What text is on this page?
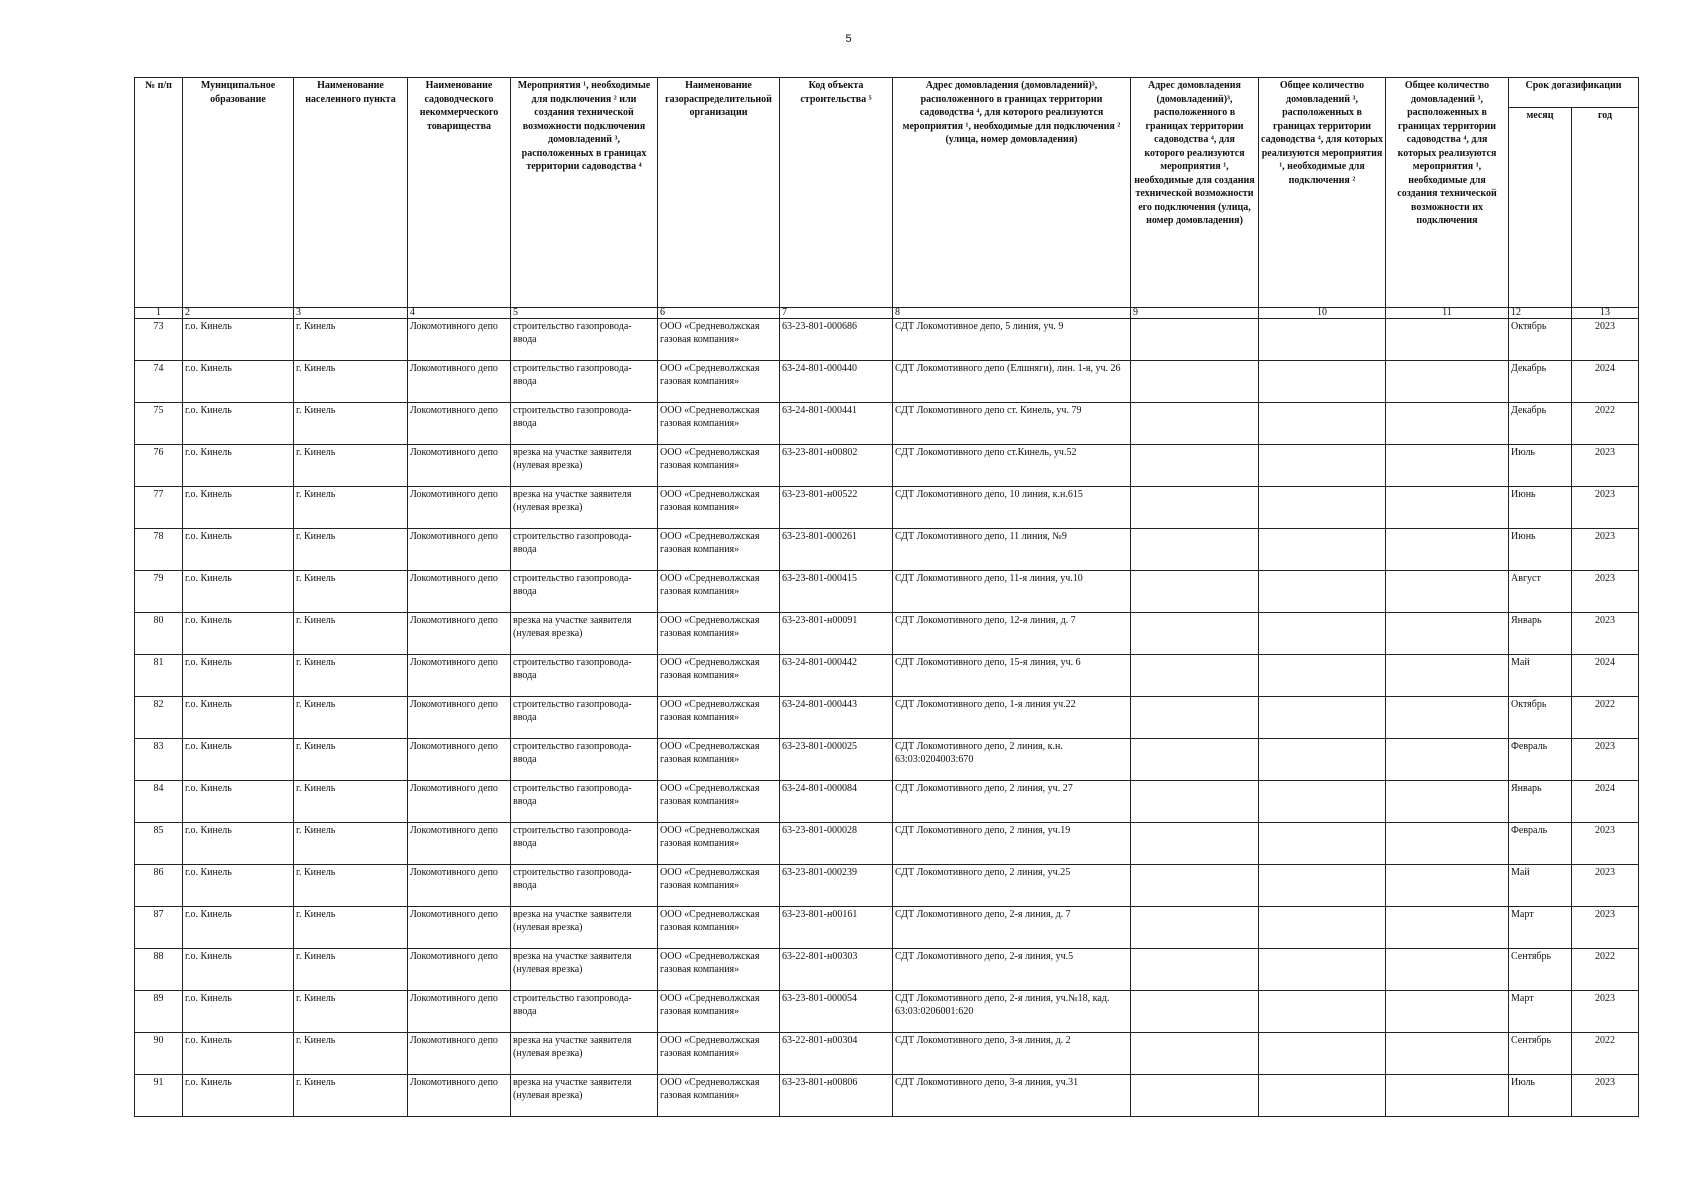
5
№ п/п	Муниципальное образование	Наименование населенного пункта	Наименование садоводческого некоммерческого товарищества	Мероприятия ¹, необходимые для подключения ² или создания технической возможности подключения домовладений ³, расположенных в границах территории садоводства ⁴	Наименование газораспределительной организации	Код объекта строительства ⁵	Адрес домовладения (домовладений)³, расположенного в границах территории садоводства ⁴, для которого реализуются мероприятия ¹, необходимые для подключения ² (улица, номер домовладения)	Адрес домовладения (домовладений)³, расположенного в границах территории садоводства ⁴, для которого реализуются мероприятия ¹, необходимые для создания технической возможности его подключения (улица, номер домовладения)	Общее количество домовладений ³, расположенных в границах территории садоводства ⁴, для которых реализуются мероприятия ¹, необходимые для подключения ²	Общее количество домовладений ³, расположенных в границах территории садоводства ⁴, для которых реализуются мероприятия ¹, необходимые для создания технической возможности их подключения	Срок догазификации	
											месяц	год
1	2	3	4	5	6	7	8	9	10	11	12	13
73	г.о. Кинель	г. Кинель	Локомотивного депо	строительство газопровода-ввода	ООО «Средневолжская газовая компания»	63-23-801-000686	СДТ Локомотивное депо, 5 линия, уч. 9				Октябрь	2023
74	г.о. Кинель	г. Кинель	Локомотивного депо	строительство газопровода-ввода	ООО «Средневолжская газовая компания»	63-24-801-000440	СДТ Локомотивного депо (Елшняги), лин. 1-я, уч. 26				Декабрь	2024
75	г.о. Кинель	г. Кинель	Локомотивного депо	строительство газопровода-ввода	ООО «Средневолжская газовая компания»	63-24-801-000441	СДТ Локомотивного депо ст. Кинель, уч. 79				Декабрь	2022
76	г.о. Кинель	г. Кинель	Локомотивного депо	врезка на участке заявителя (нулевая врезка)	ООО «Средневолжская газовая компания»	63-23-801-н00802	СДТ Локомотивного депо ст.Кинель, уч.52				Июль	2023
77	г.о. Кинель	г. Кинель	Локомотивного депо	врезка на участке заявителя (нулевая врезка)	ООО «Средневолжская газовая компания»	63-23-801-н00522	СДТ Локомотивного депо, 10 линия, к.н.615				Июнь	2023
78	г.о. Кинель	г. Кинель	Локомотивного депо	строительство газопровода-ввода	ООО «Средневолжская газовая компания»	63-23-801-000261	СДТ Локомотивного депо, 11 линия, №9				Июнь	2023
79	г.о. Кинель	г. Кинель	Локомотивного депо	строительство газопровода-ввода	ООО «Средневолжская газовая компания»	63-23-801-000415	СДТ Локомотивного депо, 11-я линия, уч.10				Август	2023
80	г.о. Кинель	г. Кинель	Локомотивного депо	врезка на участке заявителя (нулевая врезка)	ООО «Средневолжская газовая компания»	63-23-801-н00091	СДТ Локомотивного депо, 12-я линия, д. 7				Январь	2023
81	г.о. Кинель	г. Кинель	Локомотивного депо	строительство газопровода-ввода	ООО «Средневолжская газовая компания»	63-24-801-000442	СДТ Локомотивного депо, 15-я линия, уч. 6				Май	2024
82	г.о. Кинель	г. Кинель	Локомотивного депо	строительство газопровода-ввода	ООО «Средневолжская газовая компания»	63-24-801-000443	СДТ Локомотивного депо, 1-я линия уч.22				Октябрь	2022
83	г.о. Кинель	г. Кинель	Локомотивного депо	строительство газопровода-ввода	ООО «Средневолжская газовая компания»	63-23-801-000025	СДТ Локомотивного депо, 2 линия, к.н. 63:03:0204003:670				Февраль	2023
84	г.о. Кинель	г. Кинель	Локомотивного депо	строительство газопровода-ввода	ООО «Средневолжская газовая компания»	63-24-801-000084	СДТ Локомотивного депо, 2 линия, уч. 27				Январь	2024
85	г.о. Кинель	г. Кинель	Локомотивного депо	строительство газопровода-ввода	ООО «Средневолжская газовая компания»	63-23-801-000028	СДТ Локомотивного депо, 2 линия, уч.19				Февраль	2023
86	г.о. Кинель	г. Кинель	Локомотивного депо	строительство газопровода-ввода	ООО «Средневолжская газовая компания»	63-23-801-000239	СДТ Локомотивного депо, 2 линия, уч.25				Май	2023
87	г.о. Кинель	г. Кинель	Локомотивного депо	врезка на участке заявителя (нулевая врезка)	ООО «Средневолжская газовая компания»	63-23-801-н00161	СДТ Локомотивного депо, 2-я линия, д. 7				Март	2023
88	г.о. Кинель	г. Кинель	Локомотивного депо	врезка на участке заявителя (нулевая врезка)	ООО «Средневолжская газовая компания»	63-22-801-н00303	СДТ Локомотивного депо, 2-я линия, уч.5				Сентябрь	2022
89	г.о. Кинель	г. Кинель	Локомотивного депо	строительство газопровода-ввода	ООО «Средневолжская газовая компания»	63-23-801-000054	СДТ Локомотивного депо, 2-я линия, уч.№18, кад. 63:03:0206001:620				Март	2023
90	г.о. Кинель	г. Кинель	Локомотивного депо	врезка на участке заявителя (нулевая врезка)	ООО «Средневолжская газовая компания»	63-22-801-н00304	СДТ Локомотивного депо, 3-я линия, д. 2				Сентябрь	2022
91	г.о. Кинель	г. Кинель	Локомотивного депо	врезка на участке заявителя (нулевая врезка)	ООО «Средневолжская газовая компания»	63-23-801-н00806	СДТ Локомотивного депо, 3-я линия, уч.31				Июль	2023
